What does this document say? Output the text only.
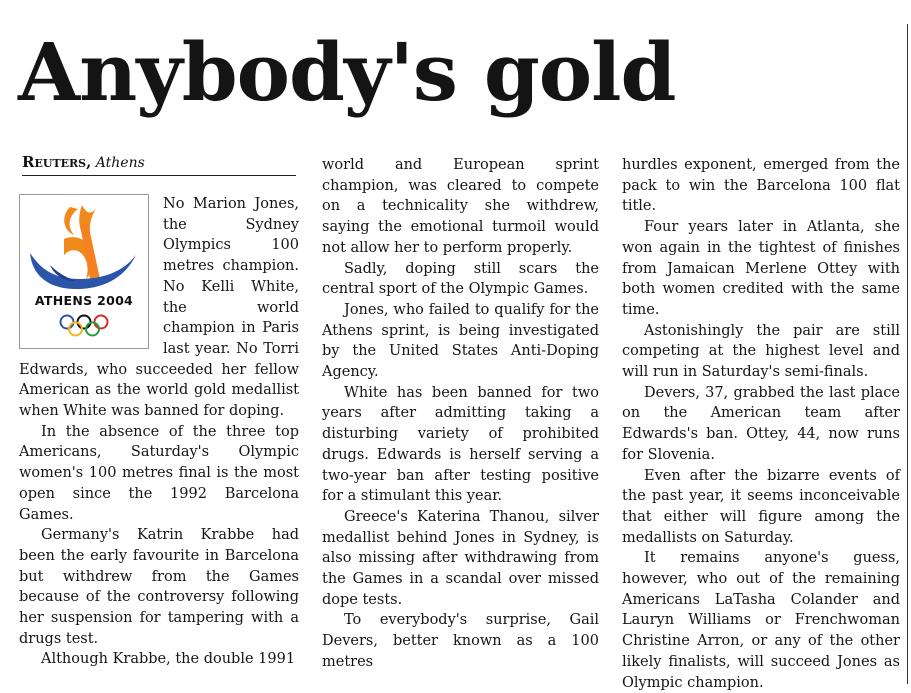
Anybody's gold
Reuters, Athens

ATHENS 2004
No Marion Jones, the Sydney Olympics 100 metres champion. No Kelli White, the world champion in Paris last year. No Torri Edwards, who succeeded her fellow American as the world gold medallist when White was banned for doping.

In the absence of the three top Americans, Saturday's Olympic women's 100 metres final is the most open since the 1992 Barcelona Games.

Germany's Katrin Krabbe had been the early favourite in Barcelona but withdrew from the Games because of the controversy following her suspension for tampering with a drugs test.

Although Krabbe, the double 1991

world and European sprint champion, was cleared to compete on a technicality she withdrew, saying the emotional turmoil would not allow her to perform properly.

Sadly, doping still scars the central sport of the Olympic Games.

Jones, who failed to qualify for the Athens sprint, is being investigated by the United States Anti-Doping Agency.

White has been banned for two years after admitting taking a disturbing variety of prohibited drugs. Edwards is herself serving a two-year ban after testing positive for a stimulant this year.

Greece's Katerina Thanou, silver medallist behind Jones in Sydney, is also missing after withdrawing from the Games in a scandal over missed dope tests.

To everybody's surprise, Gail Devers, better known as a 100 metres

hurdles exponent, emerged from the pack to win the Barcelona 100 flat title.

Four years later in Atlanta, she won again in the tightest of finishes from Jamaican Merlene Ottey with both women credited with the same time.

Astonishingly the pair are still competing at the highest level and will run in Saturday's semi-finals.

Devers, 37, grabbed the last place on the American team after Edwards's ban. Ottey, 44, now runs for Slovenia.

Even after the bizarre events of the past year, it seems inconceivable that either will figure among the medallists on Saturday.

It remains anyone's guess, however, who out of the remaining Americans LaTasha Colander and Lauryn Williams or Frenchwoman Christine Arron, or any of the other likely finalists, will succeed Jones as Olympic champion.
